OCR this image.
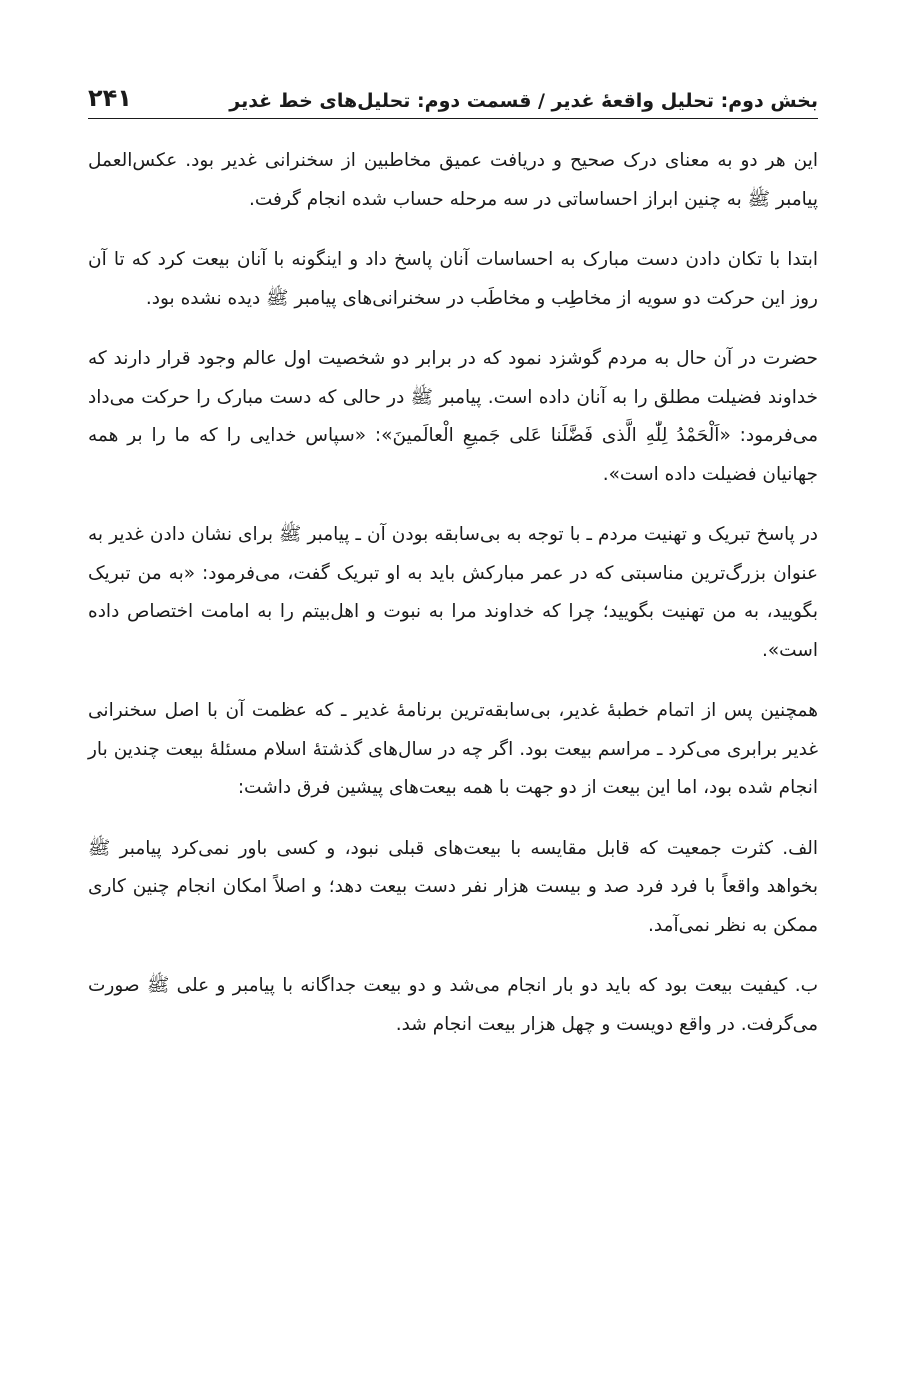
بخش دوم: تحلیل واقعهٔ غدیر / قسمت دوم: تحلیل‌های خط غدیر
۲۴۱

این هر دو به معنای درک صحیح و دریافت عمیق مخاطبین از سخنرانی غدیر بود. عکس‌العمل پیامبر ﷺ به چنین ابراز احساساتی در سه مرحله حساب شده انجام گرفت.

ابتدا با تکان دادن دست مبارک به احساسات آنان پاسخ داد و اینگونه با آنان بیعت کرد که تا آن روز این حرکت دو سویه از مخاطِب و مخاطَب در سخنرانی‌های پیامبر ﷺ دیده نشده بود.

حضرت در آن حال به مردم گوشزد نمود که در برابر دو شخصیت اول عالم وجود قرار دارند که خداوند فضیلت مطلق را به آنان داده است. پیامبر ﷺ در حالی که دست مبارک را حرکت می‌داد می‌فرمود: «اَلْحَمْدُ لِلّٰهِ الَّذی فَضَّلَنا عَلی جَمیعِ الْعالَمینَ»: «سپاس خدایی را که ما را بر همه جهانیان فضیلت داده است».

در پاسخ تبریک و تهنیت مردم ـ با توجه به بی‌سابقه بودن آن ـ پیامبر ﷺ برای نشان دادن غدیر به عنوان بزرگ‌ترین مناسبتی که در عمر مبارکش باید به او تبریک گفت، می‌فرمود: «به من تبریک بگویید، به من تهنیت بگویید؛ چرا که خداوند مرا به نبوت و اهل‌بیتم را به امامت اختصاص داده است».

همچنین پس از اتمام خطبهٔ غدیر، بی‌سابقه‌ترین برنامهٔ غدیر ـ که عظمت آن با اصل سخنرانی غدیر برابری می‌کرد ـ مراسم بیعت بود. اگر چه در سال‌های گذشتهٔ اسلام مسئلهٔ بیعت چندین بار انجام شده بود، اما این بیعت از دو جهت با همه بیعت‌های پیشین فرق داشت:

الف. کثرت جمعیت که قابل مقایسه با بیعت‌های قبلی نبود، و کسی باور نمی‌کرد پیامبر ﷺ بخواهد واقعاً با فرد فرد صد و بیست هزار نفر دست بیعت دهد؛ و اصلاً امکان انجام چنین کاری ممکن به نظر نمی‌آمد.

ب. کیفیت بیعت بود که باید دو بار انجام می‌شد و دو بیعت جداگانه با پیامبر و علی ﷺ صورت می‌گرفت. در واقع دویست و چهل هزار بیعت انجام شد.
